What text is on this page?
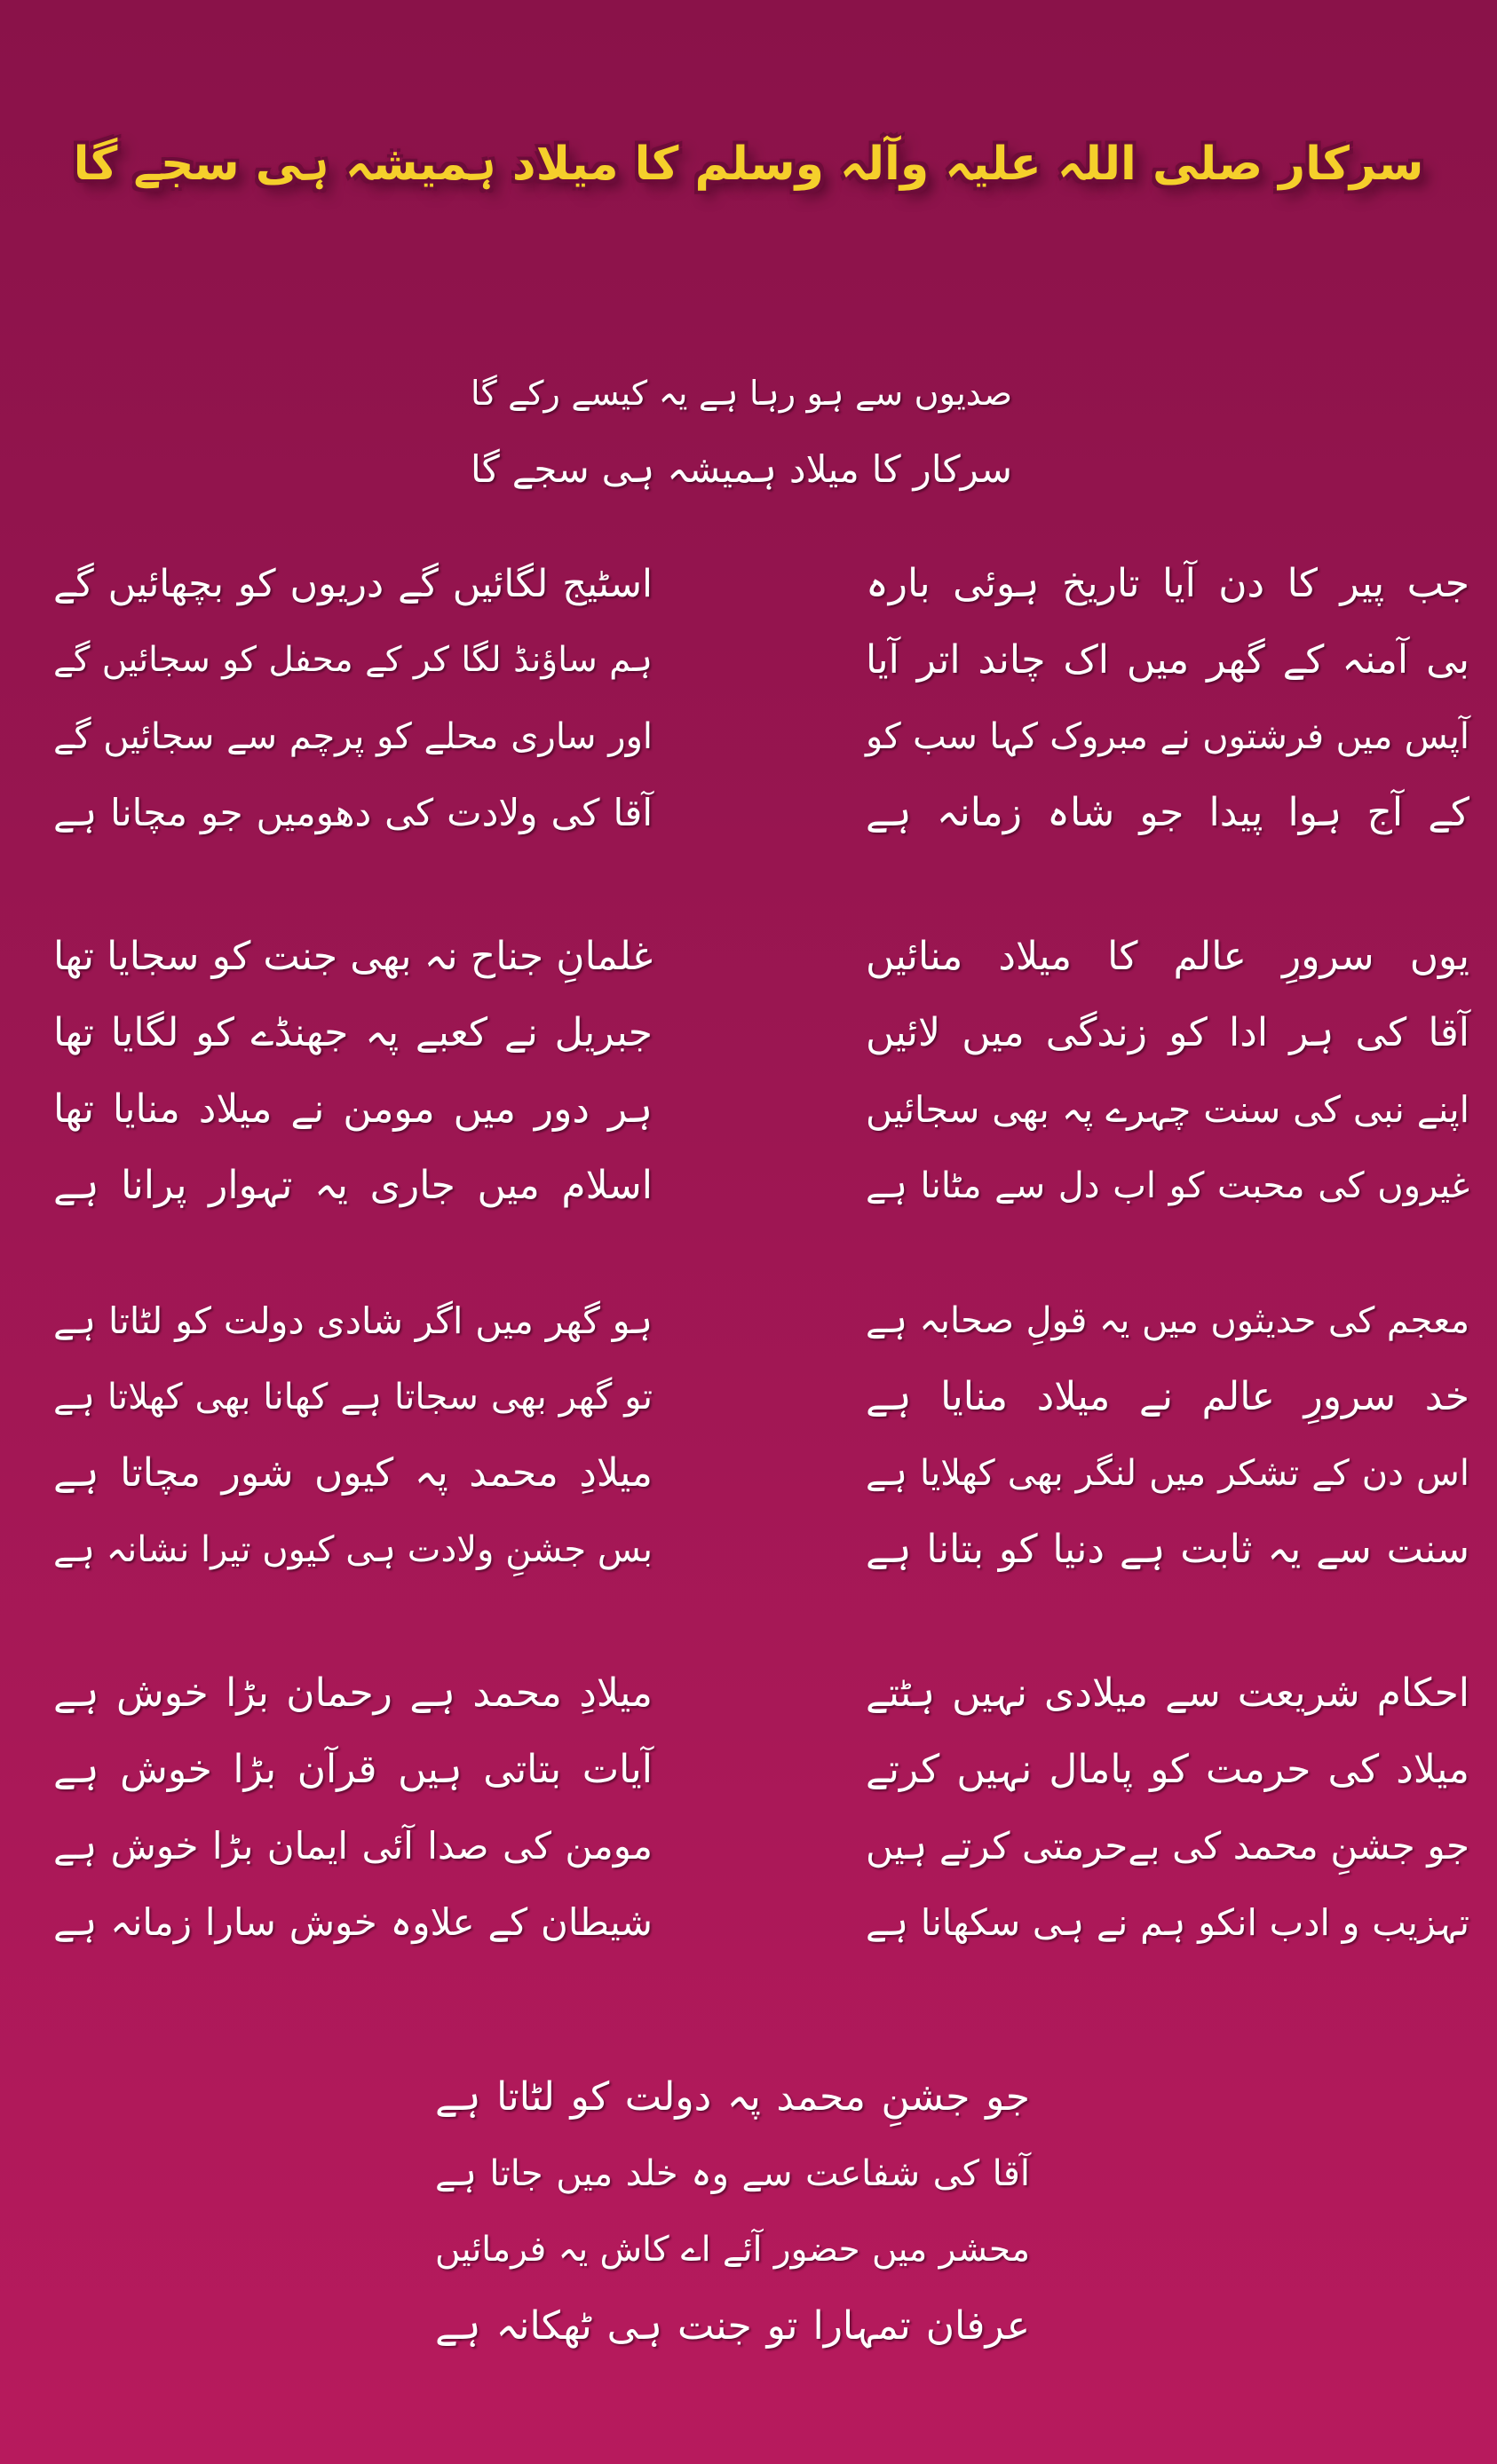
سرکار صلی اللہ علیہ وآلہ وسلم کا میلاد ہمیشہ ہی سجے گا
صدیوں سے ہو رہا ہے یہ کیسے رکے گا
سرکار کا میلاد ہمیشہ ہی سجے گا
جب پیر کا دن آیا تاریخ ہوئی بارہ
بی آمنہ کے گھر میں اک چاند اتر آیا
آپس میں فرشتوں نے مبروک کہا سب کو
کے آج ہوا پیدا جو شاہ زمانہ ہے
یوں سرورِ عالم کا میلاد منائیں
آقا کی ہر ادا کو زندگی میں لائیں
اپنے نبی کی سنت چہرے پہ بھی سجائیں
غیروں کی محبت کو اب دل سے مٹانا ہے
معجم کی حدیثوں میں یہ قولِ صحابہ ہے
خد سرورِ عالم نے میلاد منایا ہے
اس دن کے تشکر میں لنگر بھی کھلایا ہے
سنت سے یہ ثابت ہے دنیا کو بتانا ہے
احکام شریعت سے میلادی نہیں ہٹتے
میلاد کی حرمت کو پامال نہیں کرتے
جو جشنِ محمد کی بےحرمتی کرتے ہیں
تہزیب و ادب انکو ہم نے ہی سکھانا ہے
اسٹیج لگائیں گے دریوں کو بچھائیں گے
ہم ساؤنڈ لگا کر کے محفل کو سجائیں گے
اور ساری محلے کو پرچم سے سجائیں گے
آقا کی ولادت کی دھومیں جو مچانا ہے
غلمانِ جناح نہ بھی جنت کو سجایا تھا
جبریل نے کعبے پہ جھنڈے کو لگایا تھا
ہر دور میں مومن نے میلاد منایا تھا
اسلام میں جاری یہ تہوار پرانا ہے
ہو گھر میں اگر شادی دولت کو لٹاتا ہے
تو گھر بھی سجاتا ہے کھانا بھی کھلاتا ہے
میلادِ محمد پہ کیوں شور مچاتا ہے
بس جشنِ ولادت ہی کیوں تیرا نشانہ ہے
میلادِ محمد ہے رحمان بڑا خوش ہے
آیات بتاتی ہیں قرآن بڑا خوش ہے
مومن کی صدا آئی ایمان بڑا خوش ہے
شیطان کے علاوہ خوش سارا زمانہ ہے
جو جشنِ محمد پہ دولت کو لٹاتا ہے
آقا کی شفاعت سے وہ خلد میں جاتا ہے
محشر میں حضور آئے اے کاش یہ فرمائیں
عرفان تمہارا تو جنت ہی ٹھکانہ ہے
